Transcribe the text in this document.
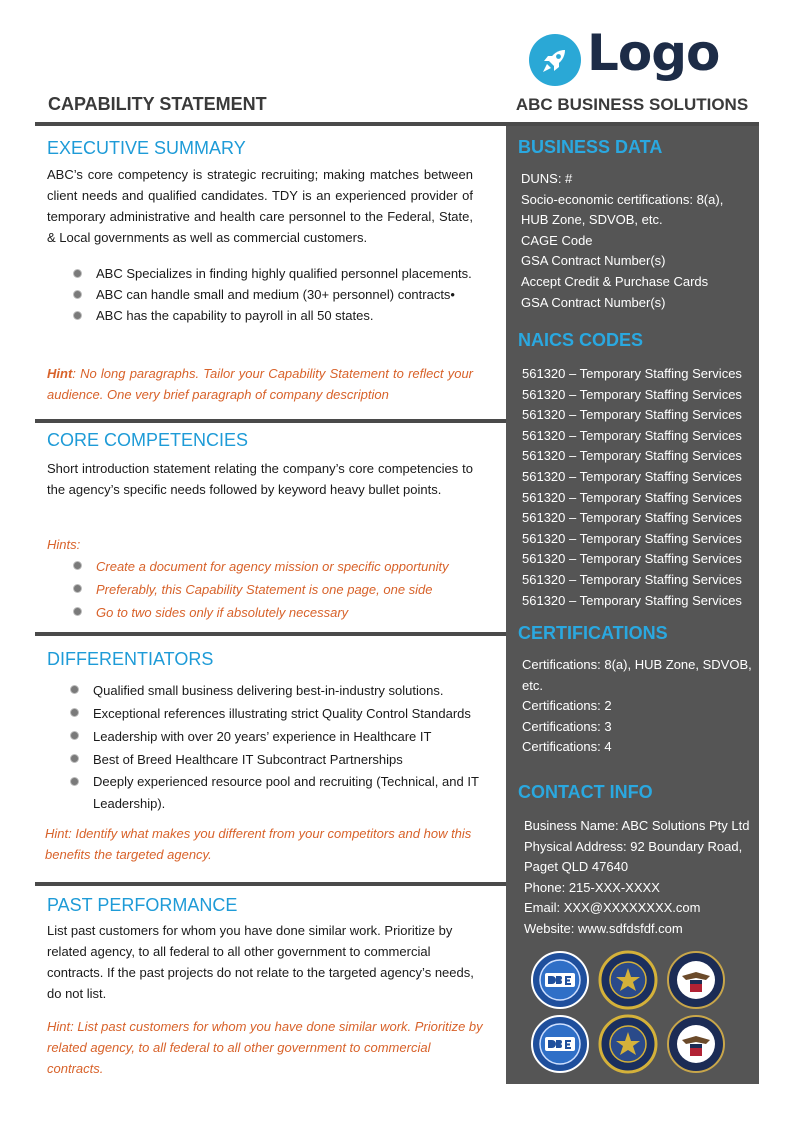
Logo
ABC BUSINESS SOLUTIONS
CAPABILITY STATEMENT
EXECUTIVE SUMMARY
ABC’s core competency is strategic recruiting; making matches between client needs and qualified candidates. TDY is an experienced provider of temporary administrative and health care personnel to the Federal, State, & Local governments as well as commercial customers.
ABC Specializes in finding highly qualified personnel placements.
ABC can handle small and medium (30+ personnel) contracts•
ABC has the capability to payroll in all 50 states.
Hint: No long paragraphs. Tailor your Capability Statement to reflect your audience. One very brief paragraph of company description
CORE COMPETENCIES
Short introduction statement relating the company’s core competencies to the agency’s specific needs followed by keyword heavy bullet points.
Hints:
Create a document for agency mission or specific opportunity
Preferably, this Capability Statement is one page, one side
Go to two sides only if absolutely necessary
DIFFERENTIATORS
Qualified small business delivering best-in-industry solutions.
Exceptional references illustrating strict Quality Control Standards
Leadership with over 20 years’ experience in Healthcare IT
Best of Breed Healthcare IT Subcontract Partnerships
Deeply experienced resource pool and recruiting (Technical, and IT Leadership).
Hint: Identify what makes you different from your competitors and how this benefits the targeted agency.
PAST PERFORMANCE
List past customers for whom you have done similar work. Prioritize by related agency, to all federal to all other government to commercial contracts. If the past projects do not relate to the targeted agency’s needs, do not list.
Hint: List past customers for whom you have done similar work. Prioritize by related agency, to all federal to all other government to commercial contracts.
BUSINESS DATA
DUNS: #
Socio-economic certifications: 8(a),
HUB Zone, SDVOB, etc.
CAGE Code
GSA Contract Number(s)
Accept Credit & Purchase Cards
GSA Contract Number(s)
NAICS CODES
561320 – Temporary Staffing Services
561320 – Temporary Staffing Services
561320 – Temporary Staffing Services
561320 – Temporary Staffing Services
561320 – Temporary Staffing Services
561320 – Temporary Staffing Services
561320 – Temporary Staffing Services
561320 – Temporary Staffing Services
561320 – Temporary Staffing Services
561320 – Temporary Staffing Services
561320 – Temporary Staffing Services
561320 – Temporary Staffing Services
CERTIFICATIONS
Certifications: 8(a), HUB Zone, SDVOB,
etc.
Certifications: 2
Certifications: 3
Certifications: 4
CONTACT INFO
Business Name: ABC Solutions Pty Ltd
Physical Address: 92 Boundary Road,
Paget QLD 47640
Phone: 215-XXX-XXXX
Email: XXX@XXXXXXXX.com
Website: www.sdfdsfdf.com
